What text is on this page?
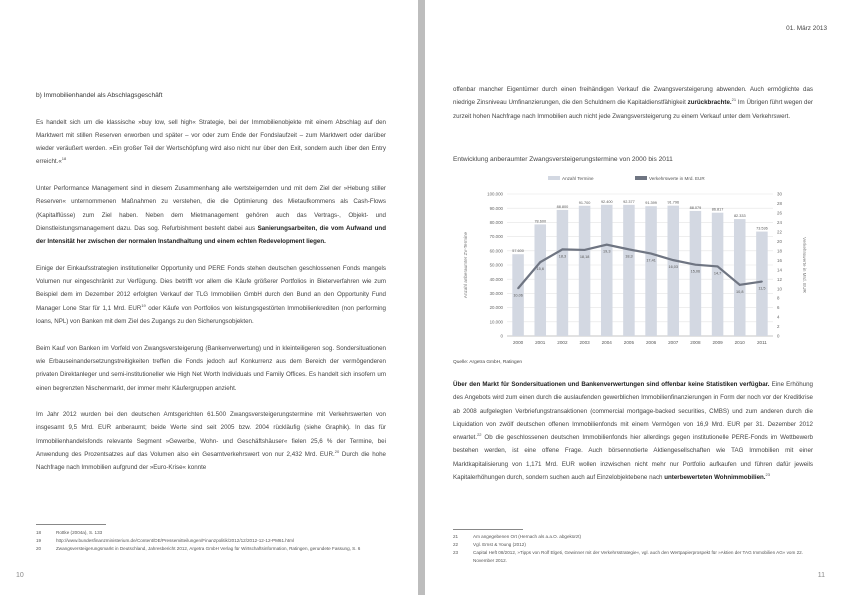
b) Immobilienhandel als Abschlagsgeschäft

Es handelt sich um die klassische »buy low, sell high« Strategie, bei der Immobilienobjekte mit einem Abschlag auf den Marktwert mit stillen Reserven erworben und später – vor oder zum Ende der Fondslaufzeit – zum Marktwert oder darüber wieder veräußert werden. »Ein großer Teil der Wertschöpfung wird also nicht nur über den Exit, sondern auch über den Entry erreicht.«$^{18}$

Unter Performance Management sind in diesem Zusammenhang alle wertsteigernden und mit dem Ziel der »Hebung stiller Reserven« unternommenen Maßnahmen zu verstehen, die die Optimierung des Mietaufkommens als Cash-Flows (Kapitalflüsse) zum Ziel haben. Neben dem Mietmanagement gehören auch das Vertrags-, Objekt- und Dienstleistungsmanagement dazu. Das sog. Refurbishment besteht dabei aus Sanierungsarbeiten, die vom Aufwand und der Intensität her zwischen der normalen Instandhaltung und einem echten Redevelopment liegen.

Einige der Einkaufsstrategien institutioneller Opportunity und PERE Fonds stehen deutschen geschlossenen Fonds mangels Volumen nur eingeschränkt zur Verfügung. Dies betrifft vor allem die Käufe größerer Portfolios in Bieterverfahren wie zum Beispiel dem im Dezember 2012 erfolgten Verkauf der TLG Immobilien GmbH durch den Bund an den Opportunity Fund Manager Lone Star für 1,1 Mrd. EUR$^{19}$ oder Käufe von Portfolios von leistungsgestörten Immobilienkrediten (non performing loans, NPL) von Banken mit dem Ziel des Zugangs zu den Sicherungsobjekten.

Beim Kauf von Banken im Vorfeld von Zwangsversteigerung (Bankenverwertung) und in kleinteiligeren sog. Sondersituationen wie Erbauseinandersetzungstreitigkeiten treffen die Fonds jedoch auf Konkurrenz aus dem Bereich der vermögenderen privaten Direktanleger und semi-institutioneller wie High Net Worth Individuals und Family Offices. Es handelt sich insofern um einen begrenzten Nischenmarkt, der immer mehr Käufergruppen anzieht.

Im Jahr 2012 wurden bei den deutschen Amtsgerichten 61.500 Zwangsversteigerungstermine mit Verkehrswerten von insgesamt 9,5 Mrd. EUR anberaumt; beide Werte sind seit 2005 bzw. 2004 rückläufig (siehe Graphik). In das für Immobilienhandelsfonds relevante Segment »Gewerbe, Wohn- und Geschäftshäuser« fielen 25,6 % der Termine, bei Anwendung des Prozentsatzes auf das Volumen also ein Gesamtverkehrswert von nur 2,432 Mrd. EUR.$^{20}$ Durch die hohe Nachfrage nach Immobilien aufgrund der »Euro-Krise« konnte

18	Rottke (2004a), S. 133
19	http://www.bundesfinanzministerium.de/Content/DE/Pressemitteilungen/Finanzpolitik/2012/12/2012-12-12-PM61.html
20	Zwangsversteigerungsmarkt in Deutschland, Jahresbericht 2012, Argetra GmbH Verlag für Wirtschaftsinformation, Ratingen, gerundete Fassung, S. 6
10
01. März 2013

offenbar mancher Eigentümer durch einen freihändigen Verkauf die Zwangsversteigerung abwenden. Auch ermöglichte das niedrige Zinsniveau Umfinanzierungen, die den Schuldnern die Kapitaldienstfähigkeit zurückbrachte.$^{21}$ Im Übrigen führt wegen der zurzeit hohen Nachfrage nach Immobilien auch nicht jede Zwangsversteigerung zu einem Verkauf unter dem Verkehrswert.

Entwicklung anberaumter Zwangsversteigerungstermine von 2000 bis 2011
0
10.000
20.000
30.000
40.000
50.000
60.000
70.000
80.000
90.000
100.000
0
2
4
6
8
10
12
14
16
18
20
22
24
26
28
30
Anzahl anberaumter ZV-Termine	Verkehrswerte in Mrd. EUR
Anzahl Termine	Verkehrswerte in Mrd. EUR
57.600
2000
78.600
2001
88.800
2002
91.700
2003
92.400
2004
92.377
2005
91.399
2006
91.796
2007
88.079
2008
86.817
2009
82.333
2010
73.536
2011
10,06
15,6
18,3	18,18
19,3
18,3
17,41
16,03
15,06	14,7
10,8
11,5
Quelle: Argetra GmbH, Ratingen

Über den Markt für Sondersituationen und Bankenverwertungen sind offenbar keine Statistiken verfügbar. Eine Erhöhung des Angebots wird zum einen durch die auslaufenden gewerblichen Immobilienfinanzierungen in Form der noch vor der Kreditkrise ab 2008 aufgelegten Verbriefungstransaktionen (commercial mortgage-backed securities, CMBS) und zum anderen durch die Liquidation von zwölf deutschen offenen Immobilienfonds mit einem Vermögen von 16,9 Mrd. EUR per 31. Dezember 2012 erwartet.$^{22}$ Ob die geschlossenen deutschen Immobilienfonds hier allerdings gegen institutionelle PERE-Fonds im Wettbewerb bestehen werden, ist eine offene Frage. Auch börsennotierte Aktiengesellschaften wie TAG Immobilien mit einer Marktkapitalisierung von 1,171 Mrd. EUR wollen inzwischen nicht mehr nur Portfolio aufkaufen und führen dafür jeweils Kapitalerhöhungen durch, sondern suchen auch auf Einzelobjektebene nach unterbewerteten Wohnimmobilien.$^{23}$

21	Am angegebenen Ort (Hernach als a.a.O. abgekürzt)
22	Vgl. Ernst & Young (2012)
23	Capital Heft 08/2012, »Tipps von Rolf Elgeti, Gewinner mit der Verkehrsstrategie«, vgl. auch den Wertpapierprospekt für »Aktien der TAG Immobilien AG« vom 22. November 2012.
11
